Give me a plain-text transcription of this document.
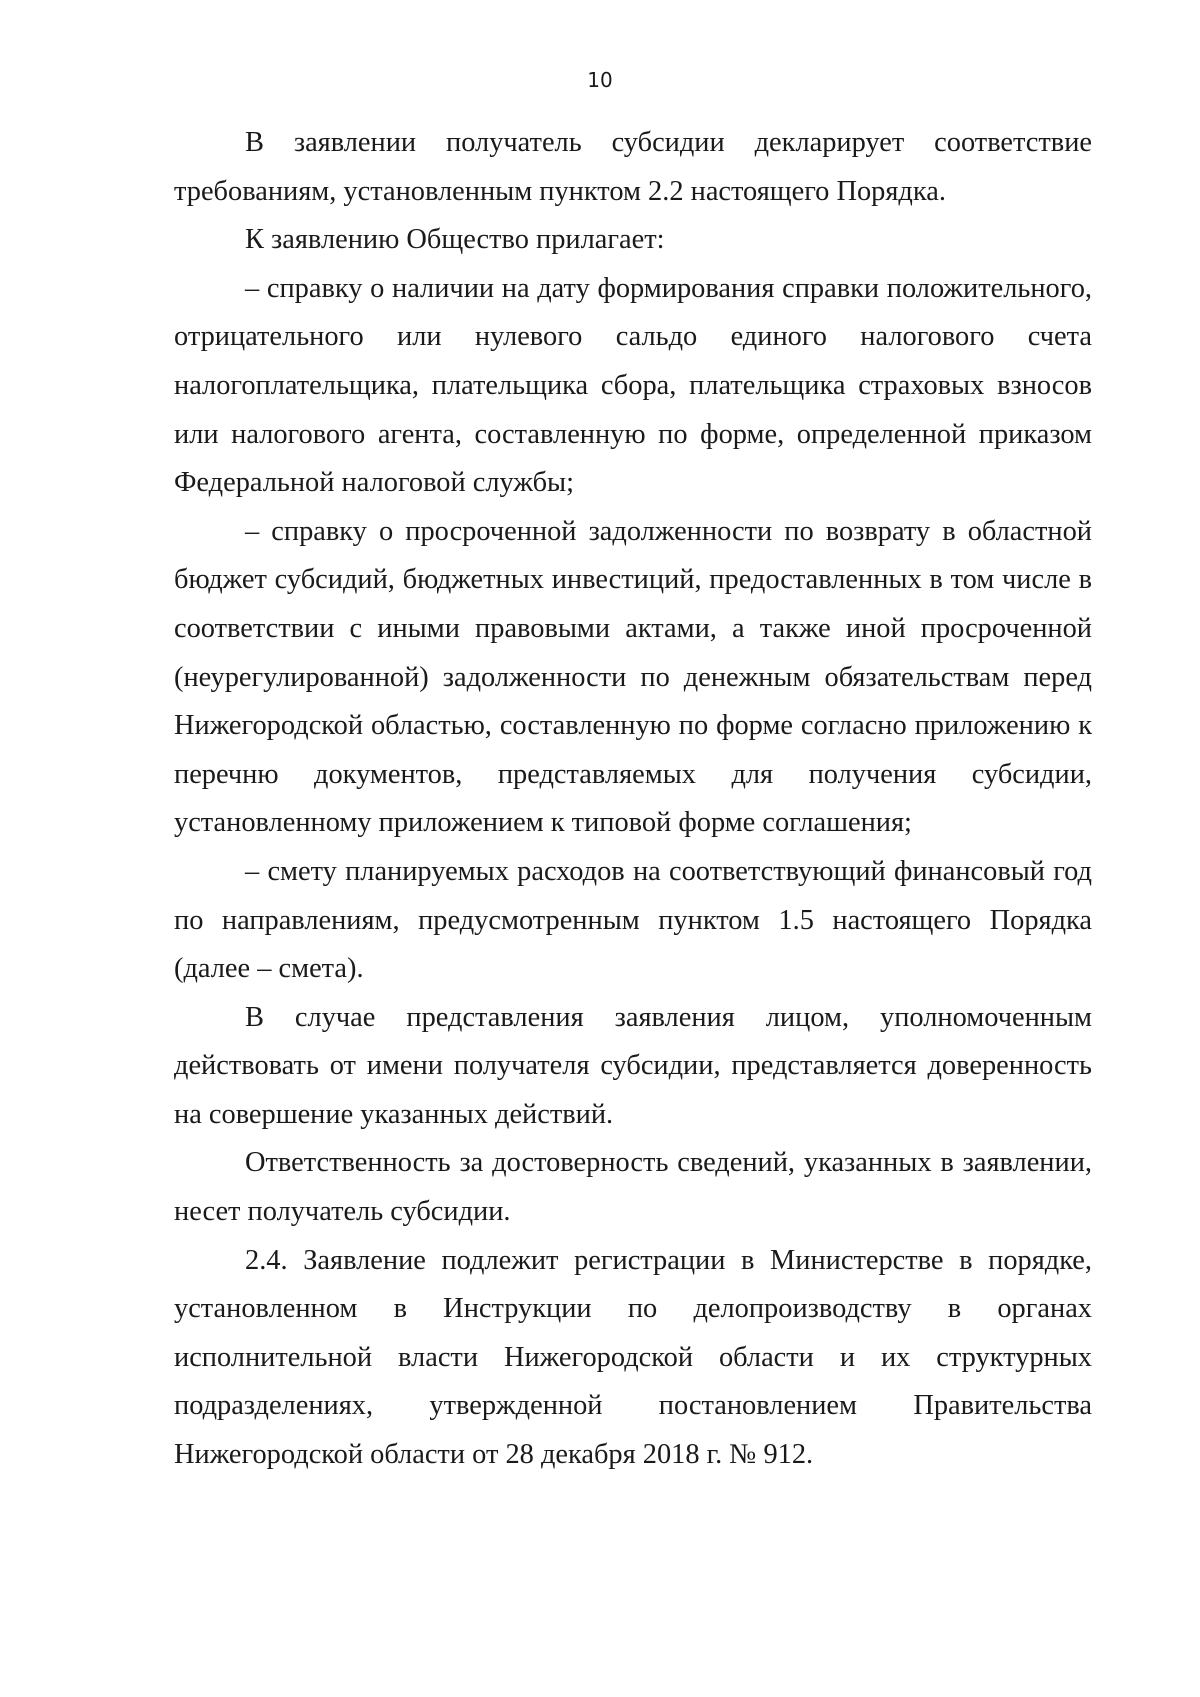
10

В заявлении получатель субсидии декларирует соответствие требованиям, установленным пунктом 2.2 настоящего Порядка.

К заявлению Общество прилагает:

– справку о наличии на дату формирования справки положительного, отрицательного или нулевого сальдо единого налогового счета налогоплательщика, плательщика сбора, плательщика страховых взносов или налогового агента, составленную по форме, определенной приказом Федеральной налоговой службы;

– справку о просроченной задолженности по возврату в областной бюджет субсидий, бюджетных инвестиций, предоставленных в том числе в соответствии с иными правовыми актами, а также иной просроченной (неурегулированной) задолженности по денежным обязательствам перед Нижегородской областью, составленную по форме согласно приложению к перечню документов, представляемых для получения субсидии, установленному приложением к типовой форме соглашения;

– смету планируемых расходов на соответствующий финансовый год по направлениям, предусмотренным пунктом 1.5 настоящего Порядка (далее – смета).

В случае представления заявления лицом, уполномоченным действовать от имени получателя субсидии, представляется доверенность на совершение указанных действий.

Ответственность за достоверность сведений, указанных в заявлении, несет получатель субсидии.

2.4. Заявление подлежит регистрации в Министерстве в порядке, установленном в Инструкции по делопроизводству в органах исполнительной власти Нижегородской области и их структурных подразделениях, утвержденной постановлением Правительства Нижегородской области от 28 декабря 2018 г. № 912.
